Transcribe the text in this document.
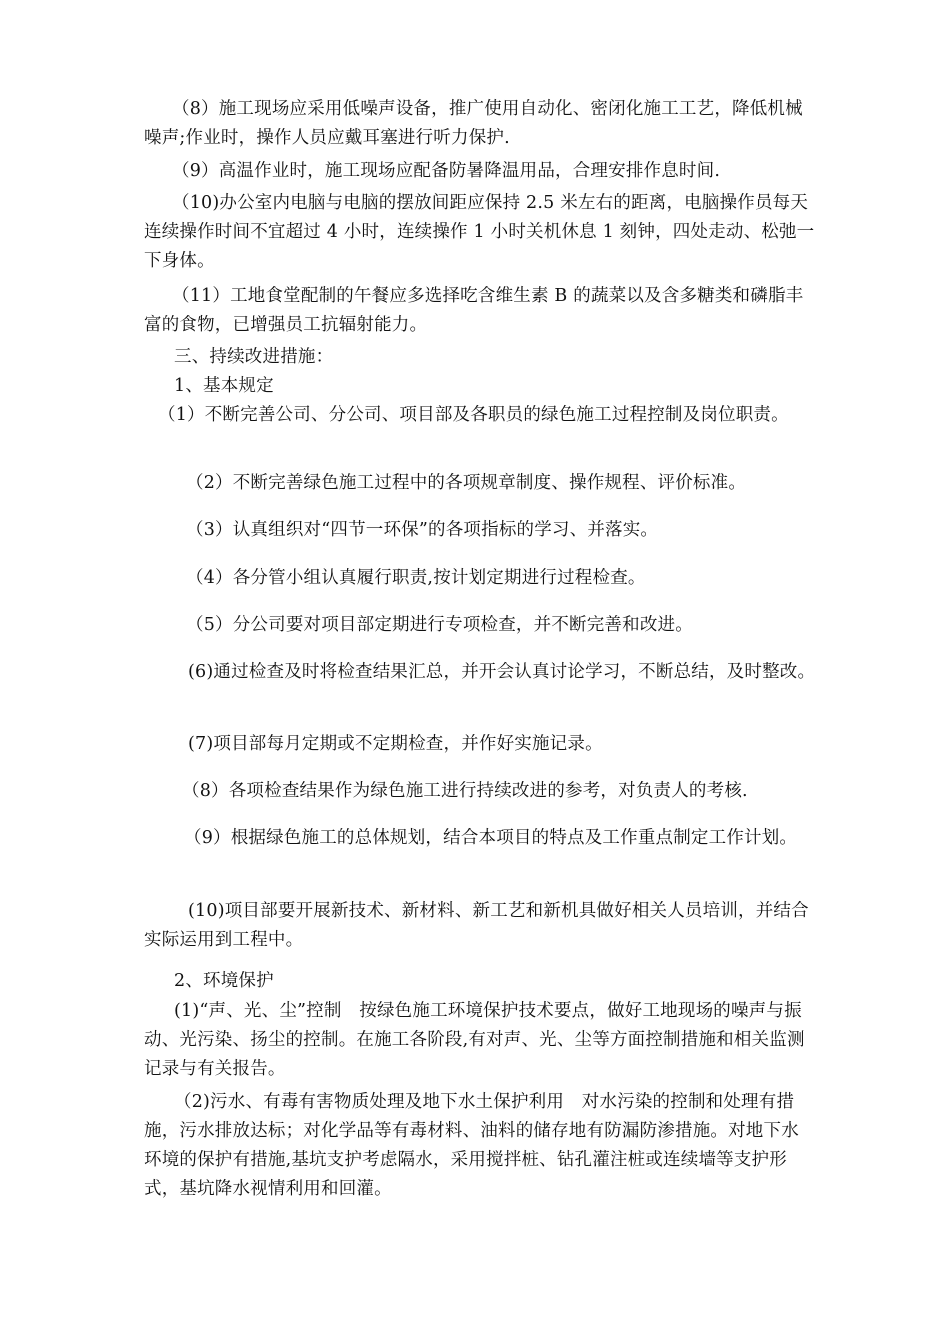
（8）施工现场应采用低噪声设备，推广使用自动化、密闭化施工工艺，降低机械噪声;作业时，操作人员应戴耳塞进行听力保护.

（9）高温作业时，施工现场应配备防暑降温用品，合理安排作息时间.

（10)办公室内电脑与电脑的摆放间距应保持 2.5 米左右的距离，电脑操作员每天连续操作时间不宜超过 4 小时，连续操作 1 小时关机休息 1 刻钟，四处走动、松弛一下身体。

（11）工地食堂配制的午餐应多选择吃含维生素 B 的蔬菜以及含多糖类和磷脂丰富的食物，已增强员工抗辐射能力。

三、持续改进措施：

1、基本规定

（1）不断完善公司、分公司、项目部及各职员的绿色施工过程控制及岗位职责。

（2）不断完善绿色施工过程中的各项规章制度、操作规程、评价标准。

（3）认真组织对“四节一环保”的各项指标的学习、并落实。

（4）各分管小组认真履行职责,按计划定期进行过程检查。

（5）分公司要对项目部定期进行专项检查，并不断完善和改进。

(6)通过检查及时将检查结果汇总，并开会认真讨论学习，不断总结，及时整改。

(7)项目部每月定期或不定期检查，并作好实施记录。

（8）各项检查结果作为绿色施工进行持续改进的参考，对负责人的考核.

（9）根据绿色施工的总体规划，结合本项目的特点及工作重点制定工作计划。

(10)项目部要开展新技术、新材料、新工艺和新机具做好相关人员培训，并结合实际运用到工程中。

2、环境保护

(1)“声、光、尘”控制　按绿色施工环境保护技术要点，做好工地现场的噪声与振动、光污染、扬尘的控制。在施工各阶段,有对声、光、尘等方面控制措施和相关监测记录与有关报告。

（2)污水、有毒有害物质处理及地下水土保护利用　对水污染的控制和处理有措施，污水排放达标；对化学品等有毒材料、油料的储存地有防漏防渗措施。对地下水环境的保护有措施,基坑支护考虑隔水，采用搅拌桩、钻孔灌注桩或连续墙等支护形式，基坑降水视情利用和回灌。
